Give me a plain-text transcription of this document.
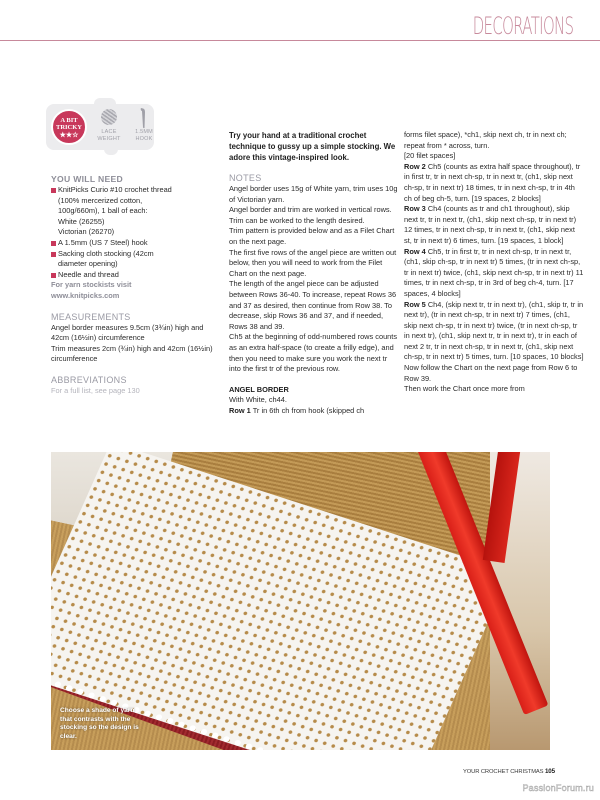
DECORATIONS
A BIT
TRICKY
★★☆	LACE
WEIGHT
1.5MM
HOOK
YOU WILL NEED
KnitPicks Curio #10 crochet thread
(100% mercerized cotton,
100g/660m), 1 ball of each:
White (26255)
Victorian (26270)
A 1.5mm (US 7 Steel) hook
Sacking cloth stocking (42cm
diameter opening)
Needle and thread
For yarn stockists visit
www.knitpicks.com
MEASUREMENTS
Angel border measures 9.5cm (3¾in) high and 42cm (16½in) circumference
Trim measures 2cm (¾in) high and 42cm (16½in) circumference
ABBREVIATIONS
For a full list, see page 130
Try your hand at a traditional crochet technique to gussy up a simple stocking. We adore this vintage-inspired look.
NOTES
Angel border uses 15g of White yarn, trim uses 10g of Victorian yarn.
Angel border and trim are worked in vertical rows. Trim can be worked to the length desired.
Trim pattern is provided below and as a Filet Chart on the next page.
The first five rows of the angel piece are written out below, then you will need to work from the Filet Chart on the next page.
The length of the angel piece can be adjusted between Rows 36-40. To increase, repeat Rows 36 and 37 as desired, then continue from Row 38. To decrease, skip Rows 36 and 37, and if needed, Rows 38 and 39.
Ch5 at the beginning of odd-numbered rows counts as an extra half-space (to create a frilly edge), and then you need to make sure you work the next tr into the first tr of the previous row.
ANGEL BORDER
With White, ch44.
Row 1 Tr in 6th ch from hook (skipped ch
forms filet space), *ch1, skip next ch, tr in next ch; repeat from * across, turn.
[20 filet spaces]
Row 2 Ch5 (counts as extra half space throughout), tr in first tr, tr in next ch-sp, tr in next tr, (ch1, skip next ch-sp, tr in next tr) 18 times, tr in next ch-sp, tr in 4th ch of beg ch-5, turn. [19 spaces, 2 blocks]
Row 3 Ch4 (counts as tr and ch1 throughout), skip next tr, tr in next tr, (ch1, skip next ch-sp, tr in next tr) 12 times, tr in next ch-sp, tr in next tr, (ch1, skip next st, tr in next tr) 6 times, turn. [19 spaces, 1 block]
Row 4 Ch5, tr in first tr, tr in next ch-sp, tr in next tr, (ch1, skip ch-sp, tr in next tr) 5 times, (tr in next ch-sp, tr in next tr) twice, (ch1, skip next ch-sp, tr in next tr) 11 times, tr in next ch-sp, tr in 3rd of beg ch-4, turn. [17 spaces, 4 blocks]
Row 5 Ch4, (skip next tr, tr in next tr), (ch1, skip tr, tr in next tr), (tr in next ch-sp, tr in next tr) 7 times, (ch1, skip next ch-sp, tr in next tr) twice, (tr in next ch-sp, tr in next tr), (ch1, skip next tr, tr in next tr), tr in each of next 2 tr, tr in next ch-sp, tr in next tr, (ch1, skip next ch-sp, tr in next tr) 5 times, turn. [10 spaces, 10 blocks]
Now follow the Chart on the next page from Row 6 to Row 39.
Then work the Chart once more from
Choose a shade of yarn that contrasts with the stocking so the design is clear.
YOUR CROCHET CHRISTMAS 105
PassionForum.ru
